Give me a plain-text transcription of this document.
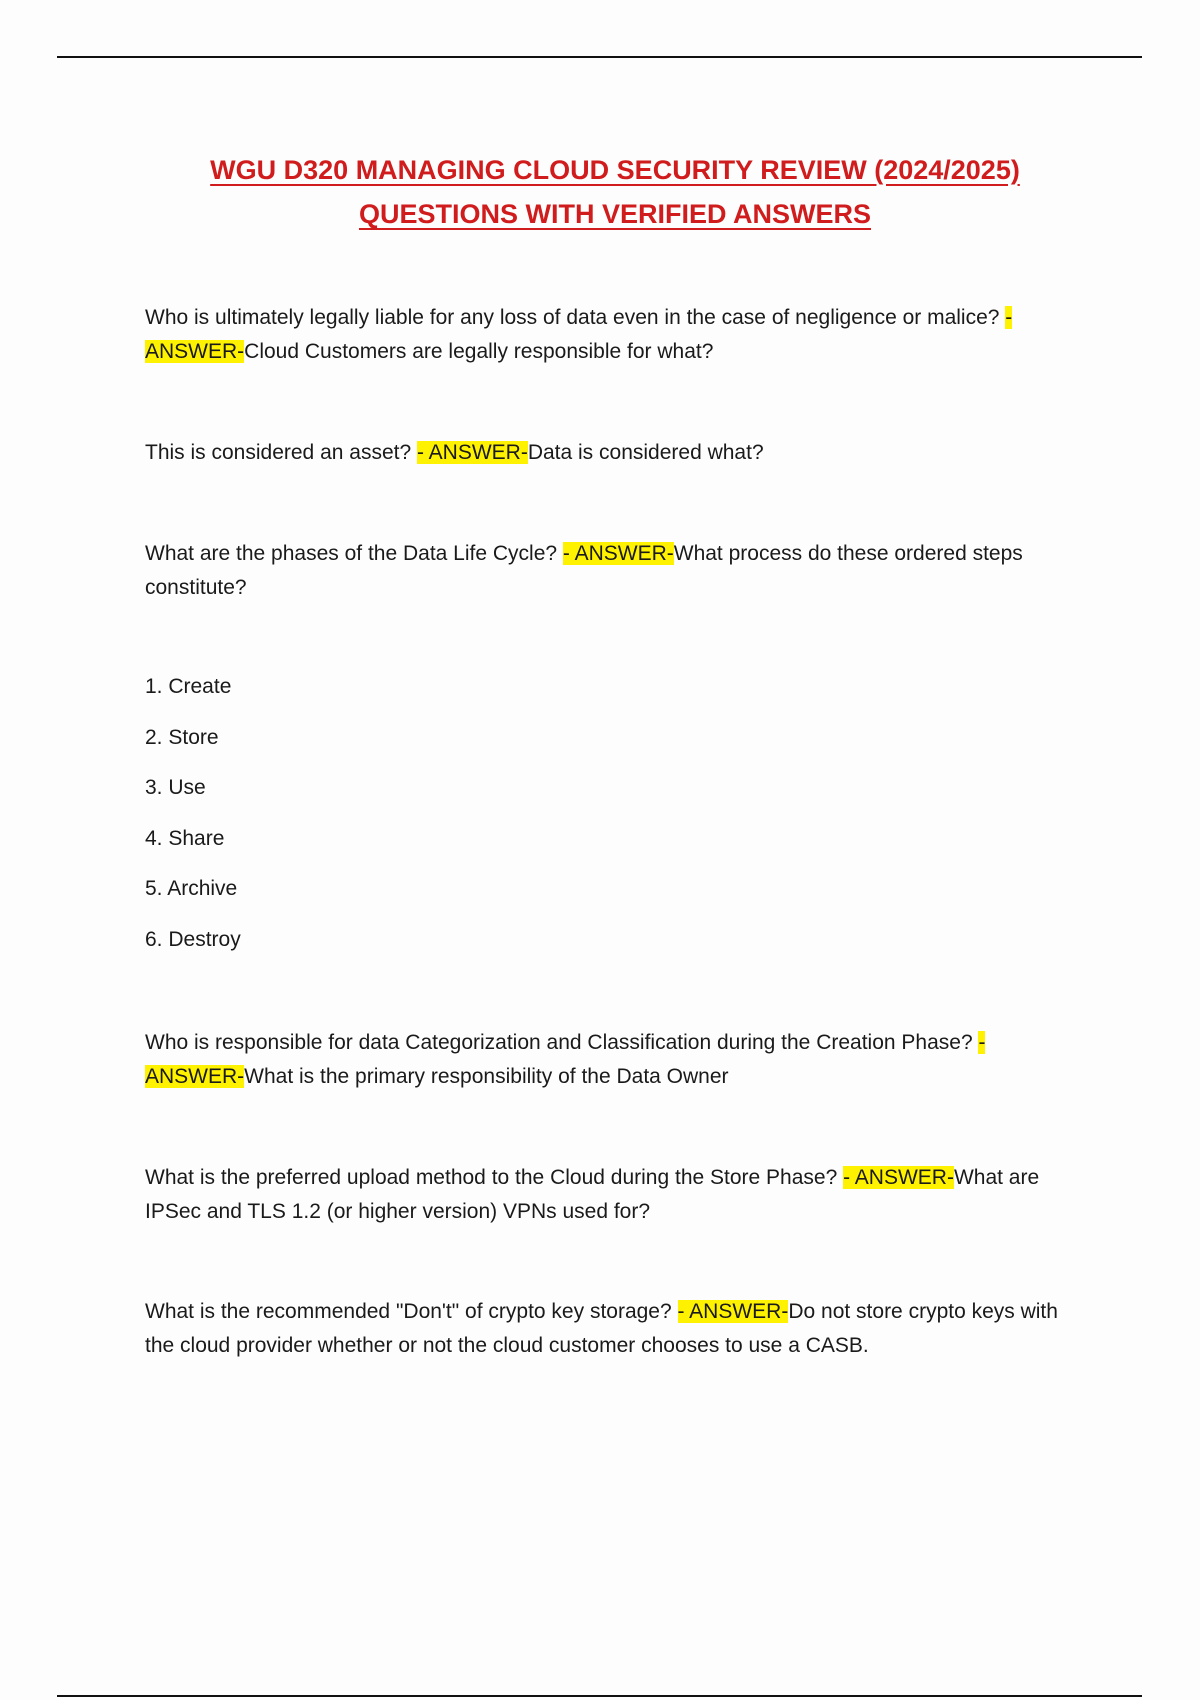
WGU D320 MANAGING CLOUD SECURITY REVIEW (2024/2025)
QUESTIONS WITH VERIFIED ANSWERS

Who is ultimately legally liable for any loss of data even in the case of negligence or malice? - ANSWER-Cloud Customers are legally responsible for what?

This is considered an asset? - ANSWER-Data is considered what?

What are the phases of the Data Life Cycle? - ANSWER-What process do these ordered steps constitute?

1. Create
2. Store
3. Use
4. Share
5. Archive
6. Destroy

Who is responsible for data Categorization and Classification during the Creation Phase? - ANSWER-What is the primary responsibility of the Data Owner

What is the preferred upload method to the Cloud during the Store Phase? - ANSWER-What are IPSec and TLS 1.2 (or higher version) VPNs used for?

What is the recommended "Don't" of crypto key storage? - ANSWER-Do not store crypto keys with the cloud provider whether or not the cloud customer chooses to use a CASB.
